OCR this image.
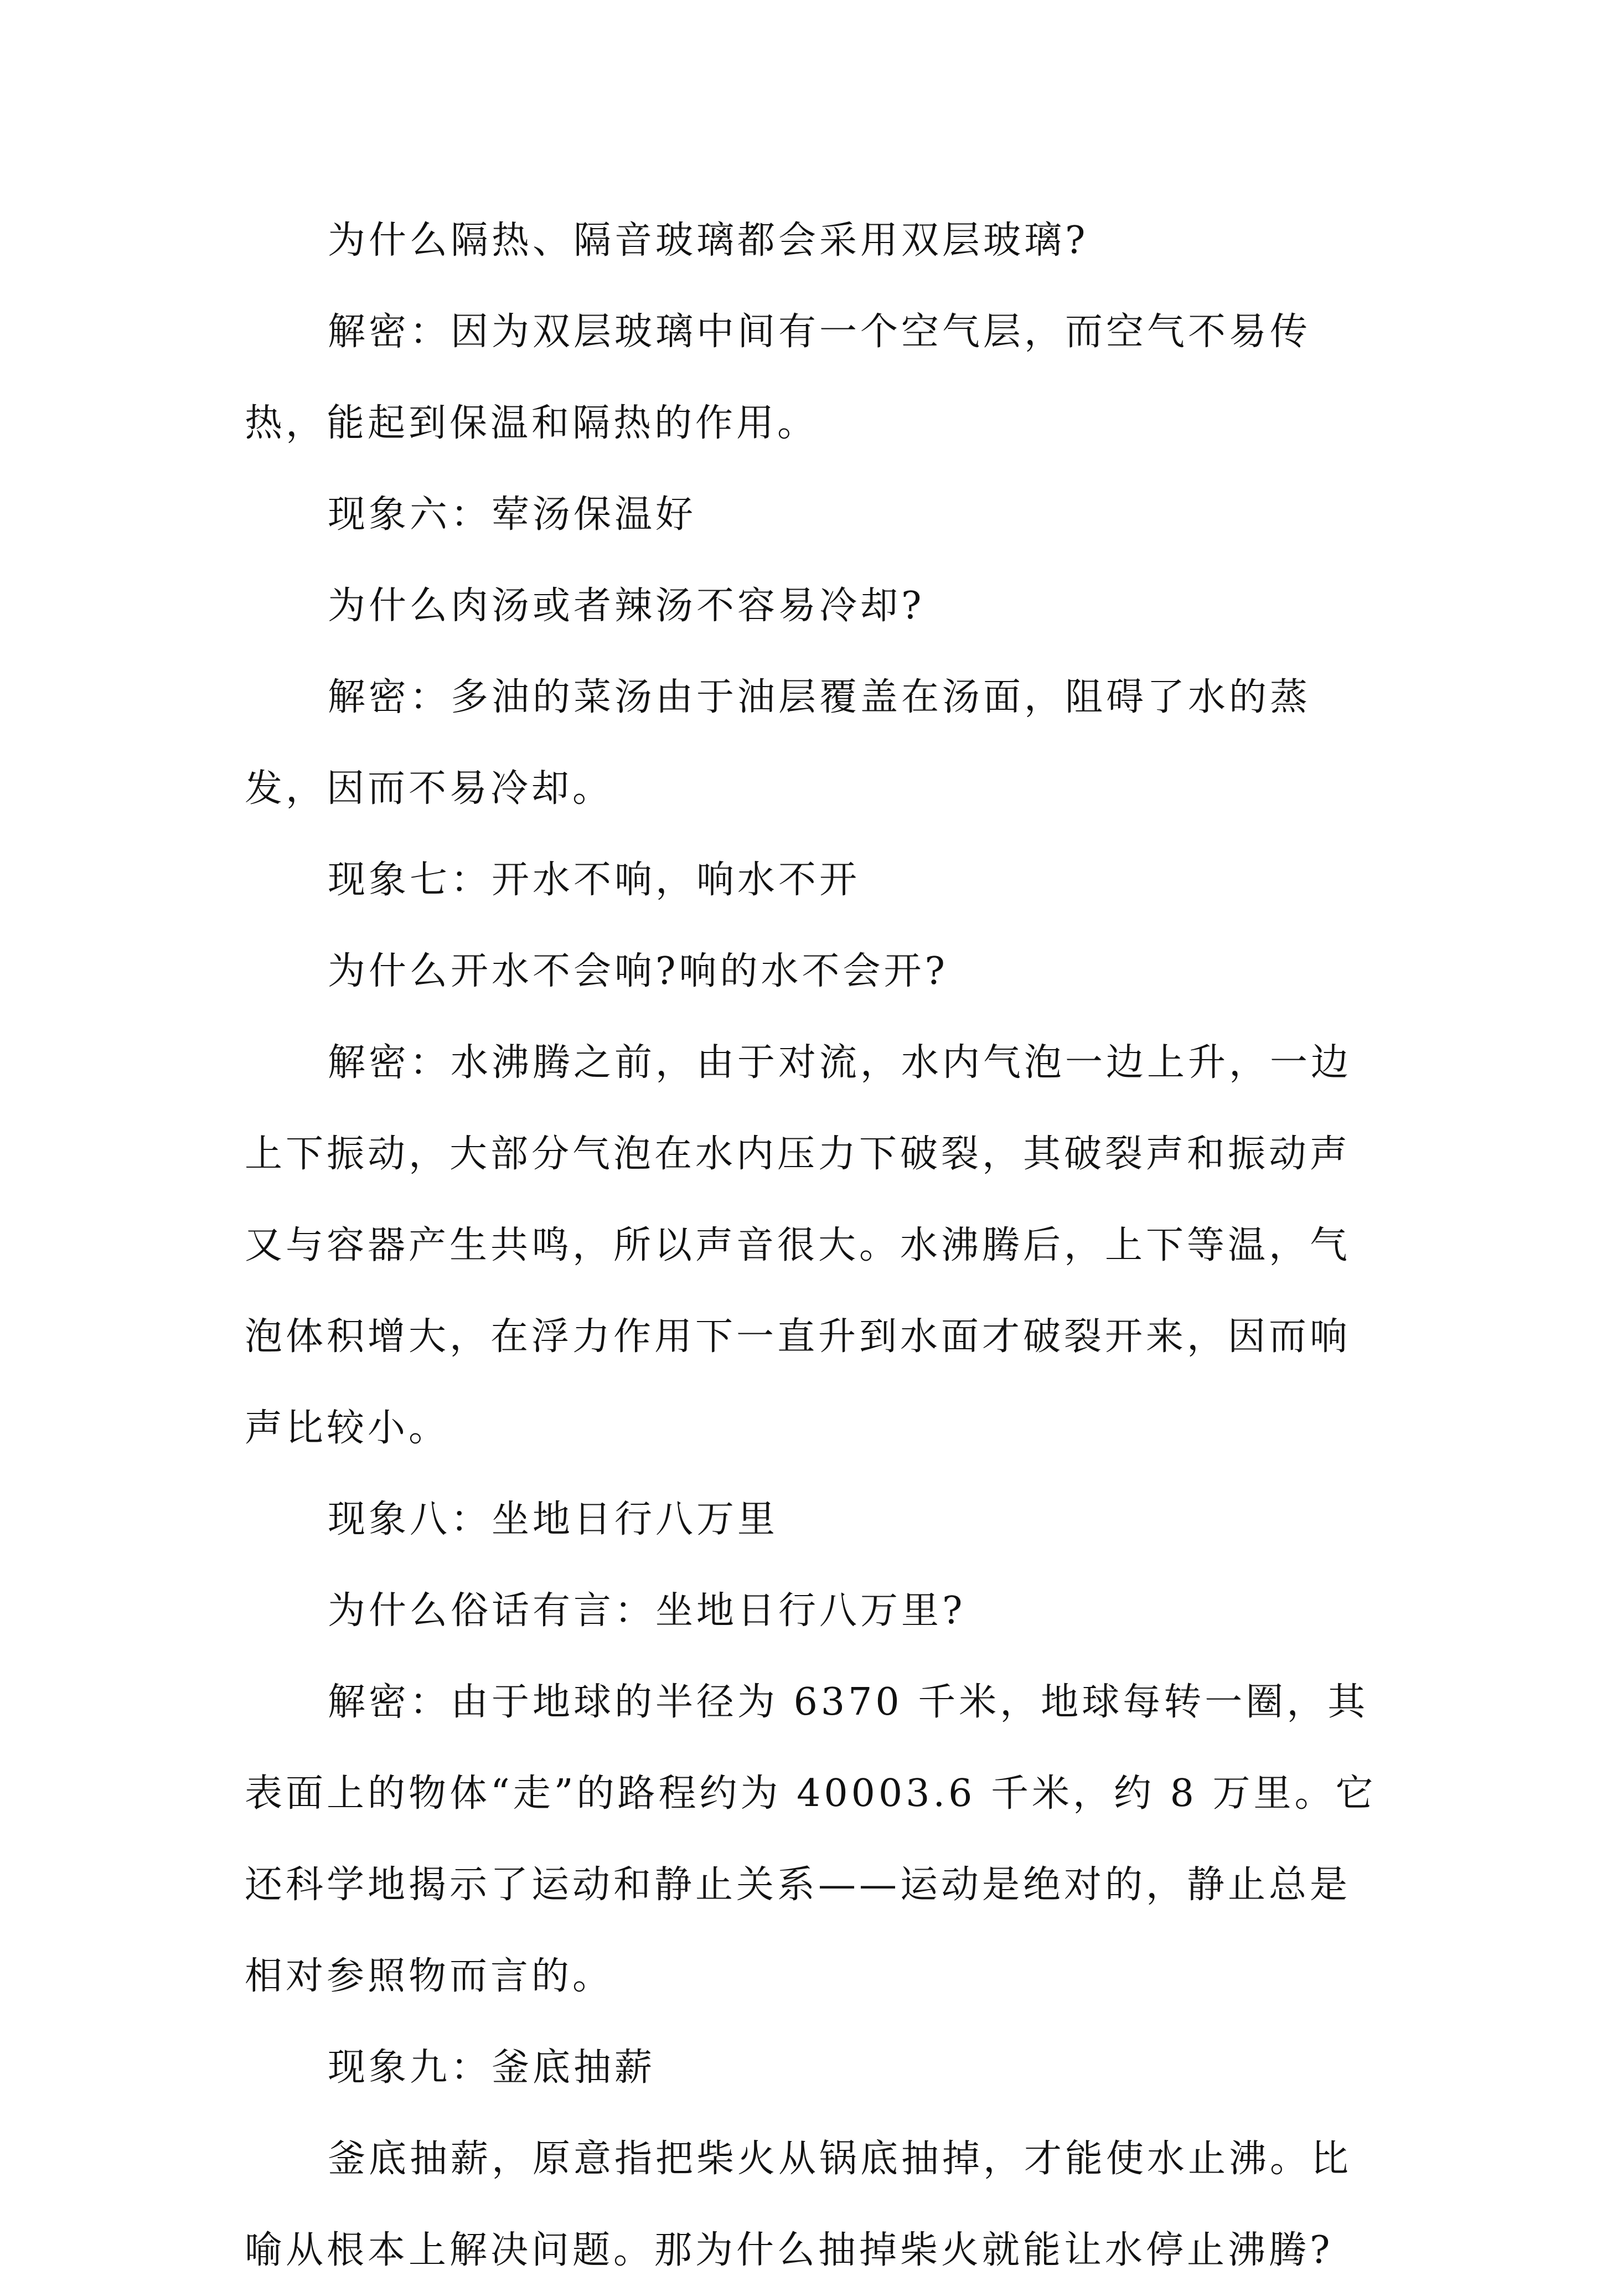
为什么隔热、隔音玻璃都会采用双层玻璃?

解密：因为双层玻璃中间有一个空气层，而空气不易传热，能起到保温和隔热的作用。

现象六：荤汤保温好

为什么肉汤或者辣汤不容易冷却?

解密：多油的菜汤由于油层覆盖在汤面，阻碍了水的蒸发，因而不易冷却。

现象七：开水不响，响水不开

为什么开水不会响?响的水不会开?

解密：水沸腾之前，由于对流，水内气泡一边上升，一边上下振动，大部分气泡在水内压力下破裂，其破裂声和振动声又与容器产生共鸣，所以声音很大。水沸腾后，上下等温，气泡体积增大，在浮力作用下一直升到水面才破裂开来，因而响声比较小。

现象八：坐地日行八万里

为什么俗话有言：坐地日行八万里?

解密：由于地球的半径为 6370 千米，地球每转一圈，其表面上的物体“走”的路程约为 40003.6 千米，约 8 万里。它还科学地揭示了运动和静止关系——运动是绝对的，静止总是相对参照物而言的。

现象九：釜底抽薪

釜底抽薪，原意指把柴火从锅底抽掉，才能使水止沸。比喻从根本上解决问题。那为什么抽掉柴火就能让水停止沸腾?
